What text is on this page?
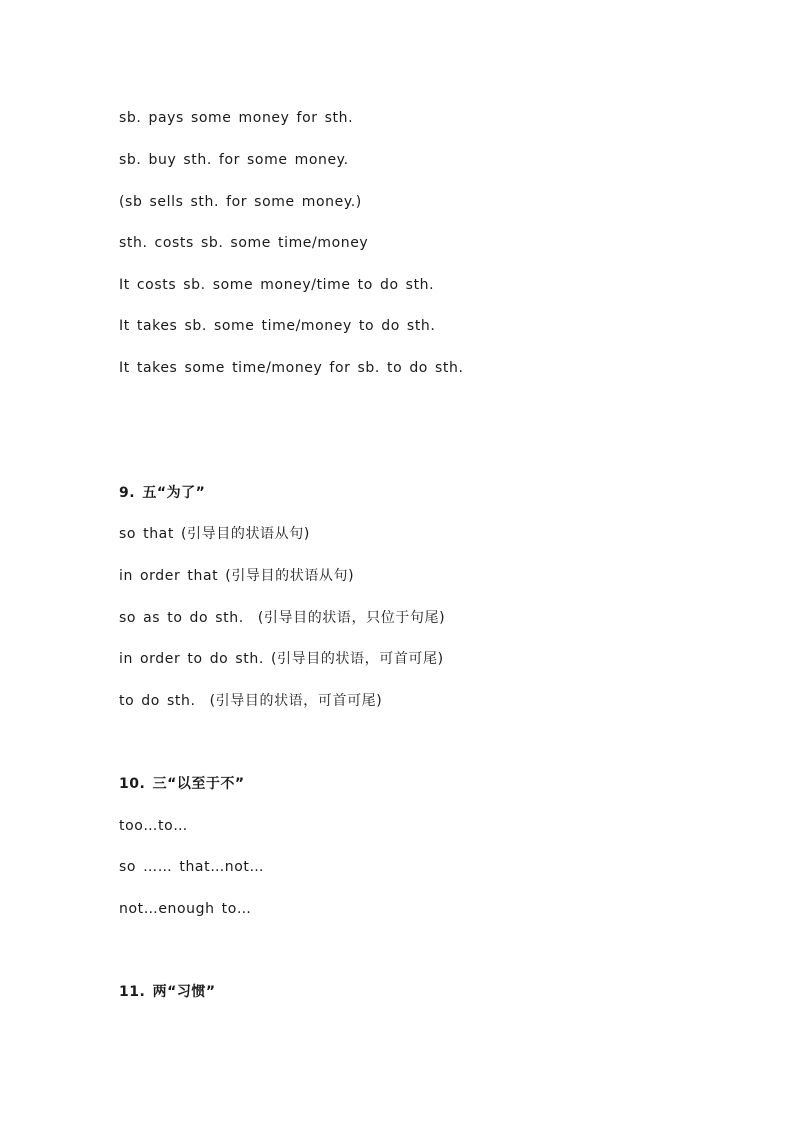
sb. pays some money for sth.
sb. buy sth. for some money.
(sb sells sth. for some money.)
sth. costs sb. some time/money
It costs sb. some money/time to do sth.
It takes sb. some time/money to do sth.
It takes some time/money for sb. to do sth.
9. 五“为了”
so that (引导目的状语从句)
in order that (引导目的状语从句)
so as to do sth.  (引导目的状语，只位于句尾)
in order to do sth. (引导目的状语，可首可尾)
to do sth.  (引导目的状语，可首可尾)
10. 三“以至于不”
too…to…
so …… that…not…
not…enough to…
11. 两“习惯”
